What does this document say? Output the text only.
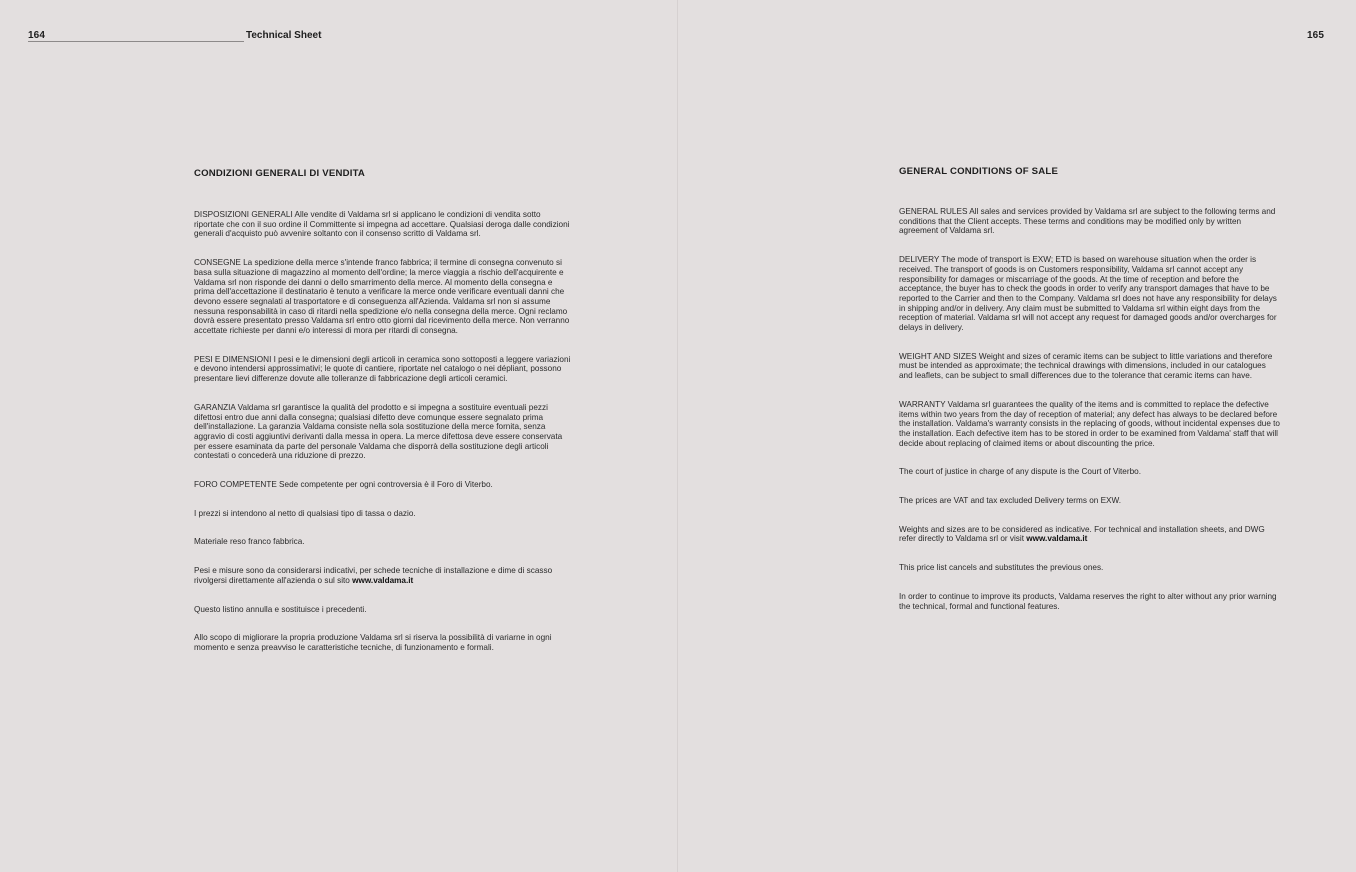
164	Technical Sheet
CONDIZIONI GENERALI DI VENDITA

DISPOSIZIONI GENERALI Alle vendite di Valdama srl si applicano le condizioni di vendita sotto riportate che con il suo ordine il Committente si impegna ad accettare. Qualsiasi deroga dalle condizioni generali d'acquisto può avvenire soltanto con il consenso scritto di Valdama srl.

CONSEGNE La spedizione della merce s'intende franco fabbrica; il termine di consegna convenuto si basa sulla situazione di magazzino al momento dell'ordine; la merce viaggia a rischio dell'acquirente e Valdama srl non risponde dei danni o dello smarrimento della merce. Al momento della consegna e prima dell'accettazione il destinatario è tenuto a verificare la merce onde verificare eventuali danni che devono essere segnalati al trasportatore e di conseguenza all'Azienda. Valdama srl non si assume nessuna responsabilità in caso di ritardi nella spedizione e/o nella consegna della merce. Ogni reclamo dovrà essere presentato presso Valdama srl entro otto giorni dal ricevimento della merce. Non verranno accettate richieste per danni e/o interessi di mora per ritardi di consegna.

PESI E DIMENSIONI I pesi e le dimensioni degli articoli in ceramica sono sottoposti a leggere variazioni e devono intendersi approssimativi; le quote di cantiere, riportate nel catalogo o nei dépliant, possono presentare lievi differenze dovute alle tolleranze di fabbricazione degli articoli ceramici.

GARANZIA Valdama srl garantisce la qualità del prodotto e si impegna a sostituire eventuali pezzi difettosi entro due anni dalla consegna; qualsiasi difetto deve comunque essere segnalato prima dell'installazione. La garanzia Valdama consiste nella sola sostituzione della merce fornita, senza aggravio di costi aggiuntivi derivanti dalla messa in opera. La merce difettosa deve essere conservata per essere esaminata da parte del personale Valdama che disporrà della sostituzione degli articoli contestati o concederà una riduzione di prezzo.

FORO COMPETENTE Sede competente per ogni controversia è il Foro di Viterbo.

I prezzi si intendono al netto di qualsiasi tipo di tassa o dazio.

Materiale reso franco fabbrica.

Pesi e misure sono da considerarsi indicativi, per schede tecniche di installazione e dime di scasso rivolgersi direttamente all'azienda o sul sito www.valdama.it

Questo listino annulla e sostituisce i precedenti.

Allo scopo di migliorare la propria produzione Valdama srl si riserva la possibilità di variarne in ogni momento e senza preavviso le caratteristiche tecniche, di funzionamento e formali.

165
GENERAL CONDITIONS OF SALE

GENERAL RULES All sales and services provided by Valdama srl are subject to the following terms and conditions that the Client accepts. These terms and conditions may be modified only by written agreement of Valdama srl.

DELIVERY The mode of transport is EXW; ETD is based on warehouse situation when the order is received. The transport of goods is on Customers responsibility, Valdama srl cannot accept any responsibility for damages or miscarriage of the goods. At the time of reception and before the acceptance, the buyer has to check the goods in order to verify any transport damages that have to be reported to the Carrier and then to the Company. Valdama srl does not have any responsibility for delays in shipping and/or in delivery. Any claim must be submitted to Valdama srl within eight days from the reception of material. Valdama srl will not accept any request for damaged goods and/or overcharges for delays in delivery.

WEIGHT AND SIZES Weight and sizes of ceramic items can be subject to little variations and therefore must be intended as approximate; the technical drawings with dimensions, included in our catalogues and leaflets, can be subject to small differences due to the tolerance that ceramic items can have.

WARRANTY Valdama srl guarantees the quality of the items and is committed to replace the defective items within two years from the day of reception of material; any defect has always to be declared before the installation. Valdama's warranty consists in the replacing of goods, without incidental expenses due to the installation. Each defective item has to be stored in order to be examined from Valdama' staff that will decide about replacing of claimed items or about discounting the price.

The court of justice in charge of any dispute is the Court of Viterbo.

The prices are VAT and tax excluded Delivery terms on EXW.

Weights and sizes are to be considered as indicative. For technical and installation sheets, and DWG refer directly to Valdama srl or visit www.valdama.it

This price list cancels and substitutes the previous ones.

In order to continue to improve its products, Valdama reserves the right to alter without any prior warning the technical, formal and functional features.
